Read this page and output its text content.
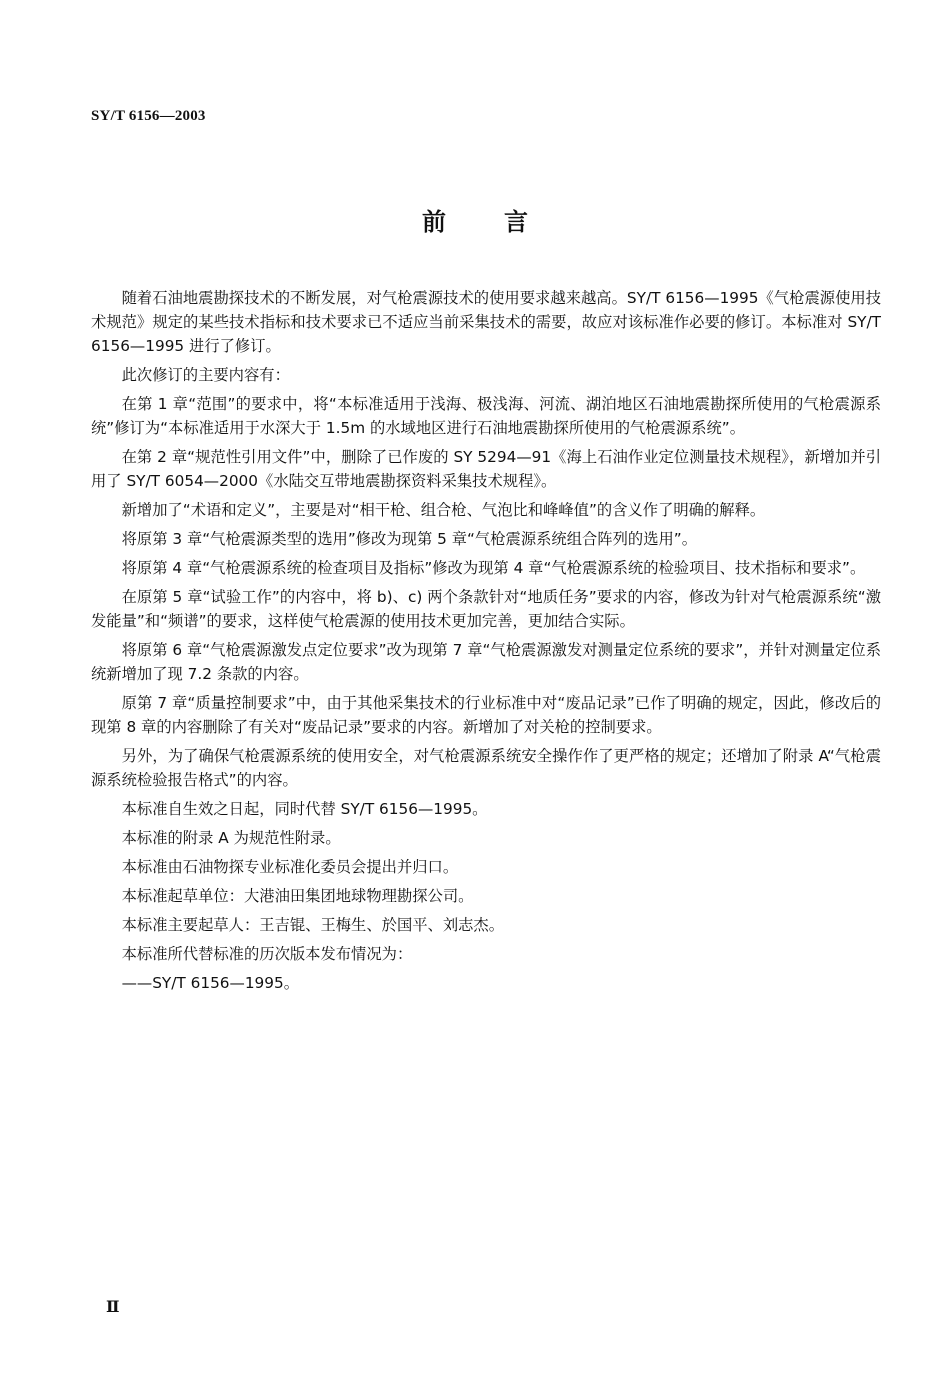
SY/T 6156—2003
前言

随着石油地震勘探技术的不断发展，对气枪震源技术的使用要求越来越高。SY/T 6156—1995《气枪震源使用技术规范》规定的某些技术指标和技术要求已不适应当前采集技术的需要，故应对该标准作必要的修订。本标准对 SY/T 6156—1995 进行了修订。

此次修订的主要内容有：

在第 1 章“范围”的要求中，将“本标准适用于浅海、极浅海、河流、湖泊地区石油地震勘探所使用的气枪震源系统”修订为“本标准适用于水深大于 1.5m 的水域地区进行石油地震勘探所使用的气枪震源系统”。

在第 2 章“规范性引用文件”中，删除了已作废的 SY 5294—91《海上石油作业定位测量技术规程》，新增加并引用了 SY/T 6054—2000《水陆交互带地震勘探资料采集技术规程》。

新增加了“术语和定义”，主要是对“相干枪、组合枪、气泡比和峰峰值”的含义作了明确的解释。

将原第 3 章“气枪震源类型的选用”修改为现第 5 章“气枪震源系统组合阵列的选用”。

将原第 4 章“气枪震源系统的检查项目及指标”修改为现第 4 章“气枪震源系统的检验项目、技术指标和要求”。

在原第 5 章“试验工作”的内容中，将 b)、c) 两个条款针对“地质任务”要求的内容，修改为针对气枪震源系统“激发能量”和“频谱”的要求，这样使气枪震源的使用技术更加完善，更加结合实际。

将原第 6 章“气枪震源激发点定位要求”改为现第 7 章“气枪震源激发对测量定位系统的要求”，并针对测量定位系统新增加了现 7.2 条款的内容。

原第 7 章“质量控制要求”中，由于其他采集技术的行业标准中对“废品记录”已作了明确的规定，因此，修改后的现第 8 章的内容删除了有关对“废品记录”要求的内容。新增加了对关枪的控制要求。

另外，为了确保气枪震源系统的使用安全，对气枪震源系统安全操作作了更严格的规定；还增加了附录 A“气枪震源系统检验报告格式”的内容。

本标准自生效之日起，同时代替 SY/T 6156—1995。

本标准的附录 A 为规范性附录。

本标准由石油物探专业标准化委员会提出并归口。

本标准起草单位：大港油田集团地球物理勘探公司。

本标准主要起草人：王吉锟、王梅生、於国平、刘志杰。

本标准所代替标准的历次版本发布情况为：

——SY/T 6156—1995。

Ⅱ
